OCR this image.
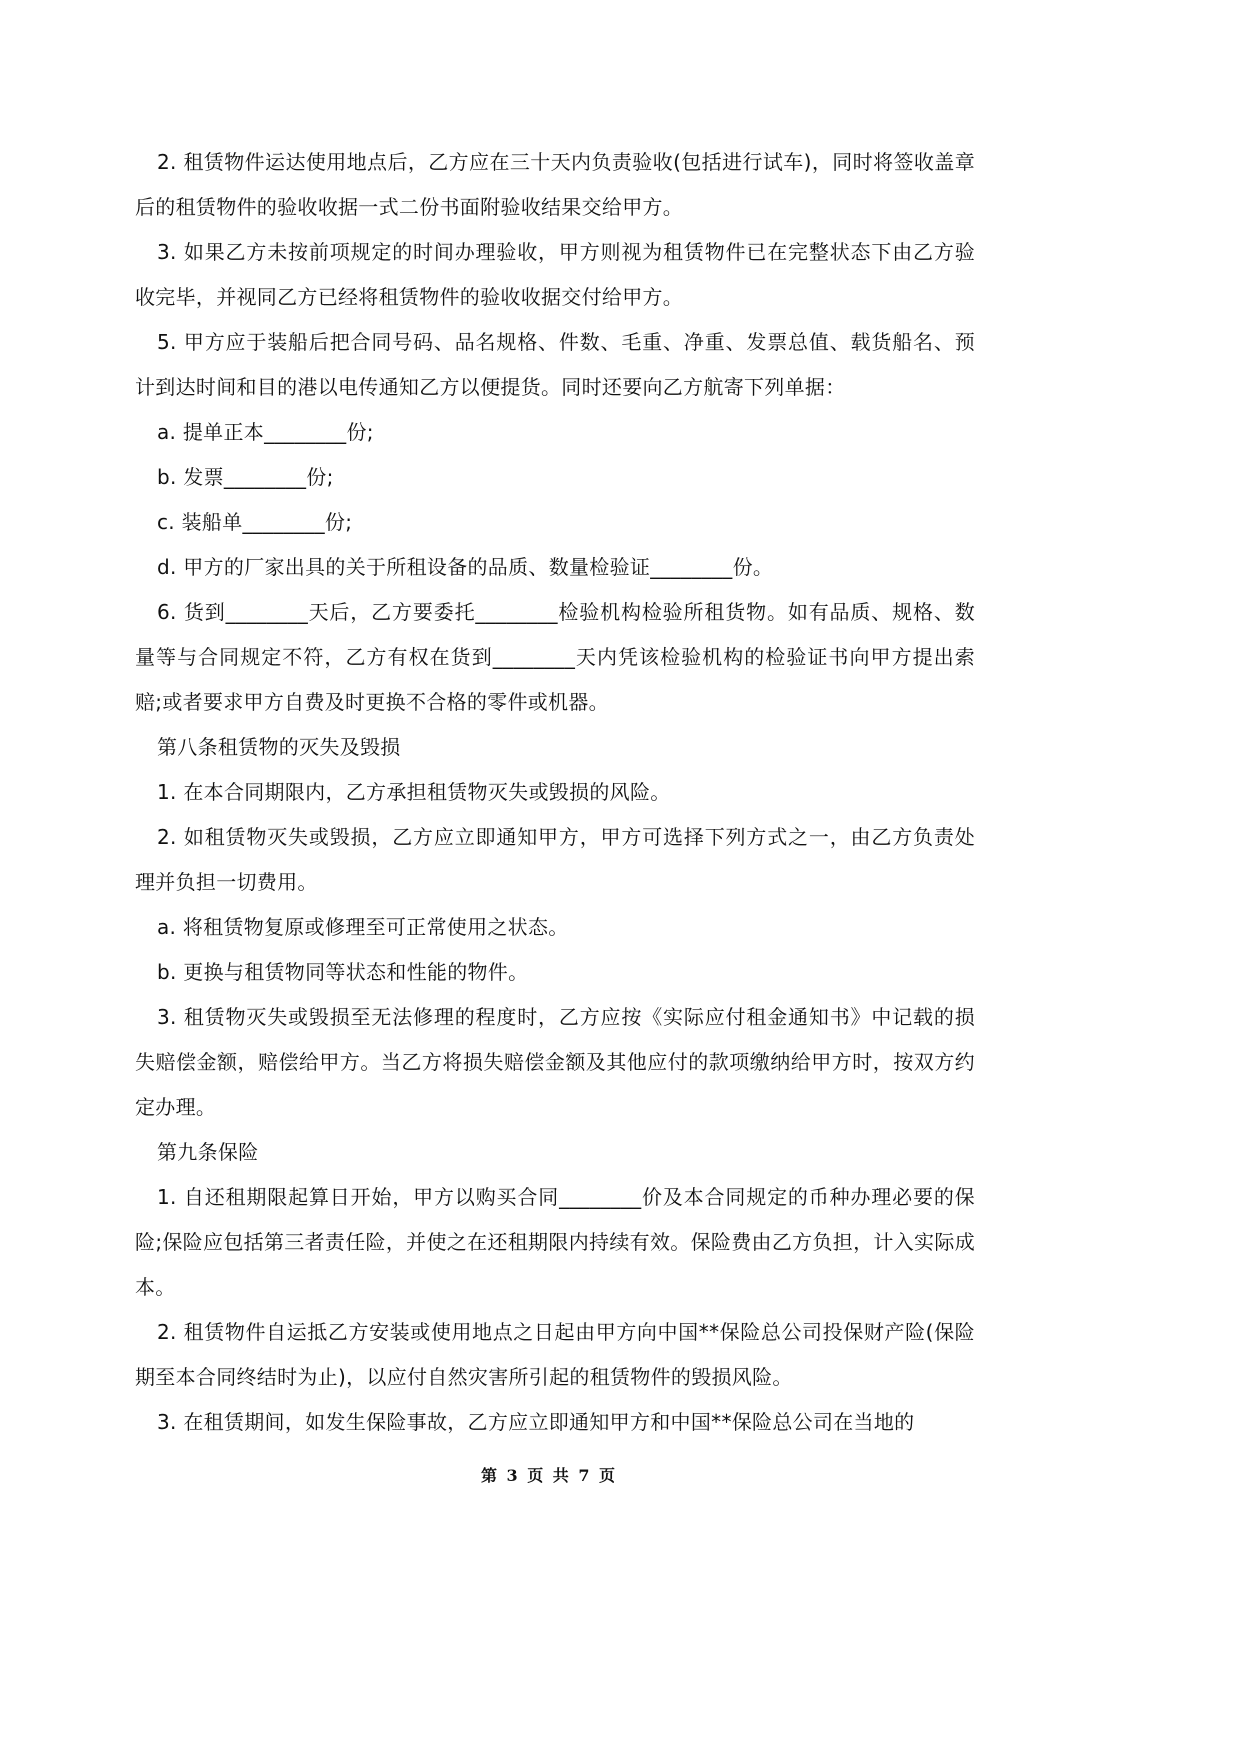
2. 租赁物件运达使用地点后，乙方应在三十天内负责验收(包括进行试车)，同时将签收盖章后的租赁物件的验收收据一式二份书面附验收结果交给甲方。

3. 如果乙方未按前项规定的时间办理验收，甲方则视为租赁物件已在完整状态下由乙方验收完毕，并视同乙方已经将租赁物件的验收收据交付给甲方。

5. 甲方应于装船后把合同号码、品名规格、件数、毛重、净重、发票总值、载货船名、预计到达时间和目的港以电传通知乙方以便提货。同时还要向乙方航寄下列单据：

a. 提单正本________份;

b. 发票________份;

c. 装船单________份;

d. 甲方的厂家出具的关于所租设备的品质、数量检验证________份。

6. 货到________天后，乙方要委托________检验机构检验所租货物。如有品质、规格、数量等与合同规定不符，乙方有权在货到________天内凭该检验机构的检验证书向甲方提出索赔;或者要求甲方自费及时更换不合格的零件或机器。

第八条租赁物的灭失及毁损

1. 在本合同期限内，乙方承担租赁物灭失或毁损的风险。

2. 如租赁物灭失或毁损，乙方应立即通知甲方，甲方可选择下列方式之一，由乙方负责处理并负担一切费用。

a. 将租赁物复原或修理至可正常使用之状态。

b. 更换与租赁物同等状态和性能的物件。

3. 租赁物灭失或毁损至无法修理的程度时，乙方应按《实际应付租金通知书》中记载的损失赔偿金额，赔偿给甲方。当乙方将损失赔偿金额及其他应付的款项缴纳给甲方时，按双方约定办理。

第九条保险

1. 自还租期限起算日开始，甲方以购买合同________价及本合同规定的币种办理必要的保险;保险应包括第三者责任险，并使之在还租期限内持续有效。保险费由乙方负担，计入实际成本。

2. 租赁物件自运抵乙方安装或使用地点之日起由甲方向中国**保险总公司投保财产险(保险期至本合同终结时为止)，以应付自然灾害所引起的租赁物件的毁损风险。

3. 在租赁期间，如发生保险事故，乙方应立即通知甲方和中国**保险总公司在当地的

第 3 页 共 7 页
